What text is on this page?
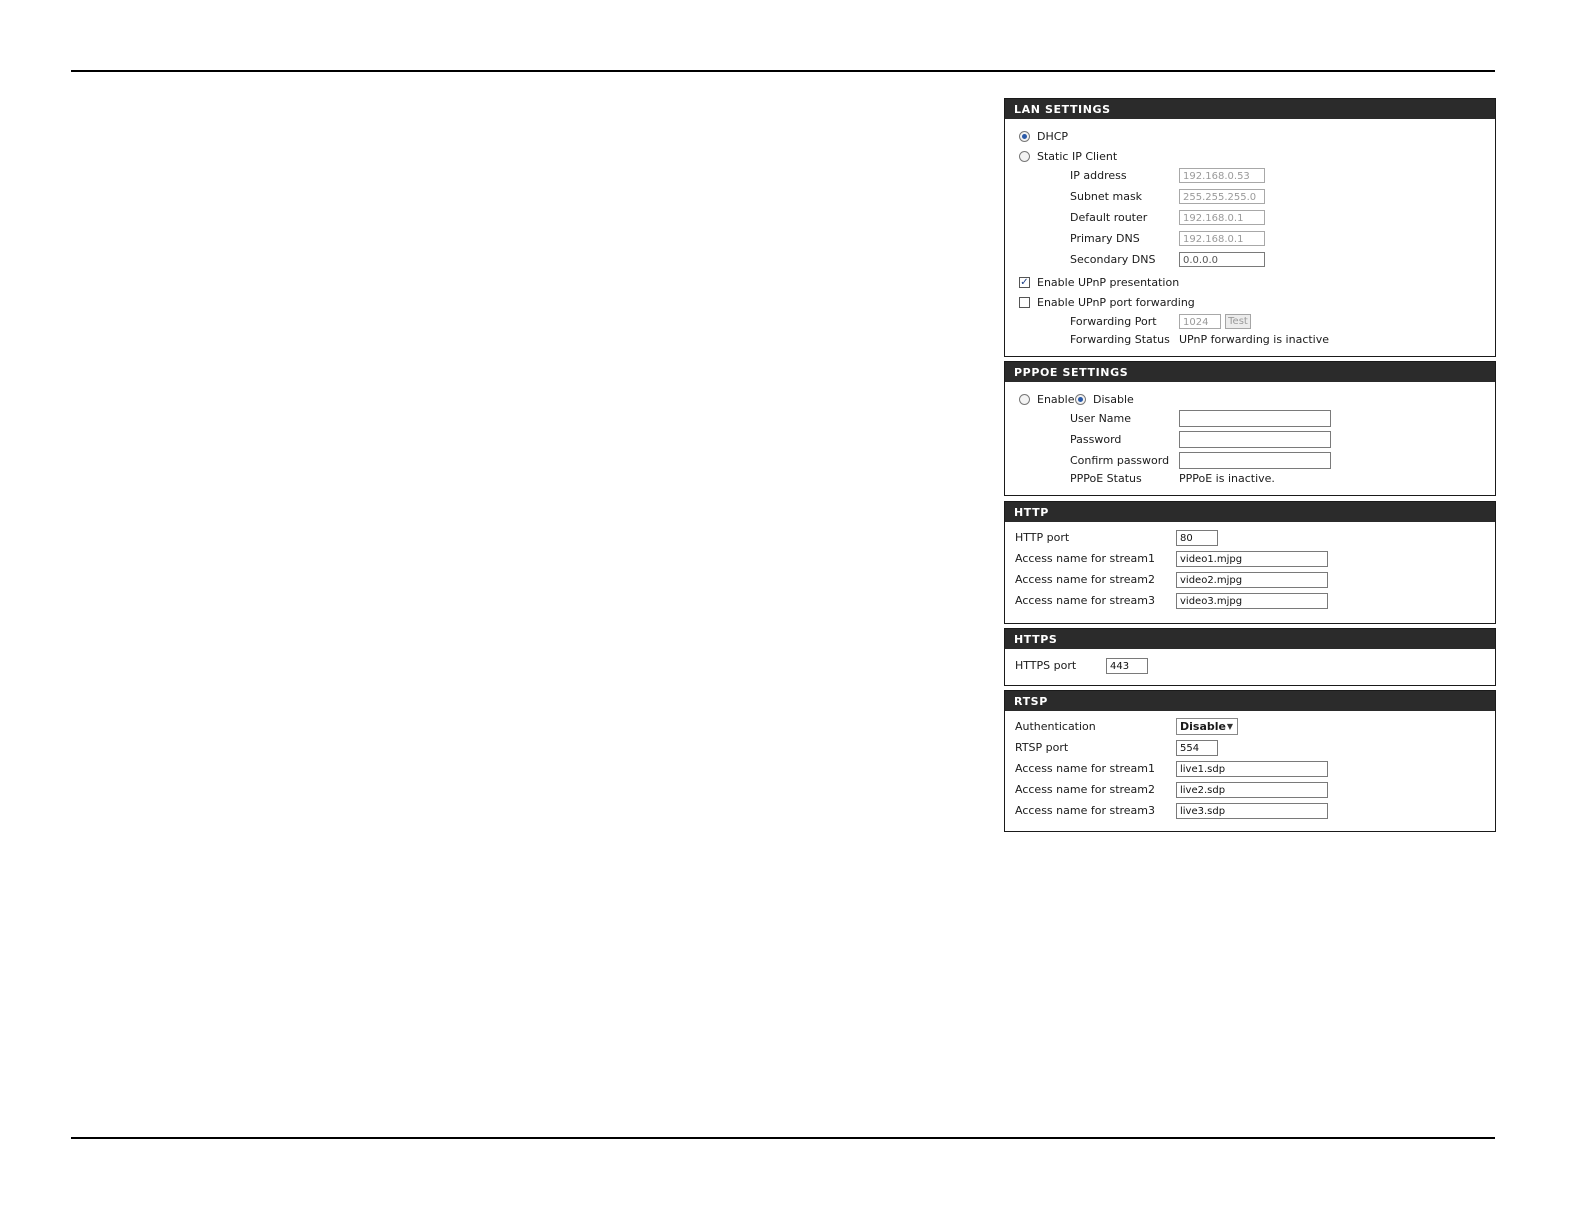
LAN SETTINGS
DHCP
Static IP Client
IP address	192.168.0.53
Subnet mask	255.255.255.0
Default router	192.168.0.1
Primary DNS	192.168.0.1
Secondary DNS	0.0.0.0
✓ Enable UPnP presentation
Enable UPnP port forwarding
Forwarding Port	1024	Test
Forwarding Status UPnP forwarding is inactive
PPPOE SETTINGS
Enable Disable
User Name
Password
Confirm password
PPPoE Status	PPPoE is inactive.
HTTP
HTTP port	80
Access name for stream1	video1.mjpg
Access name for stream2	video2.mjpg
Access name for stream3	video3.mjpg
HTTPS
HTTPS port	443
RTSP
Authentication	Disable ▼
RTSP port	554
Access name for stream1	live1.sdp
Access name for stream2	live2.sdp
Access name for stream3	live3.sdp
